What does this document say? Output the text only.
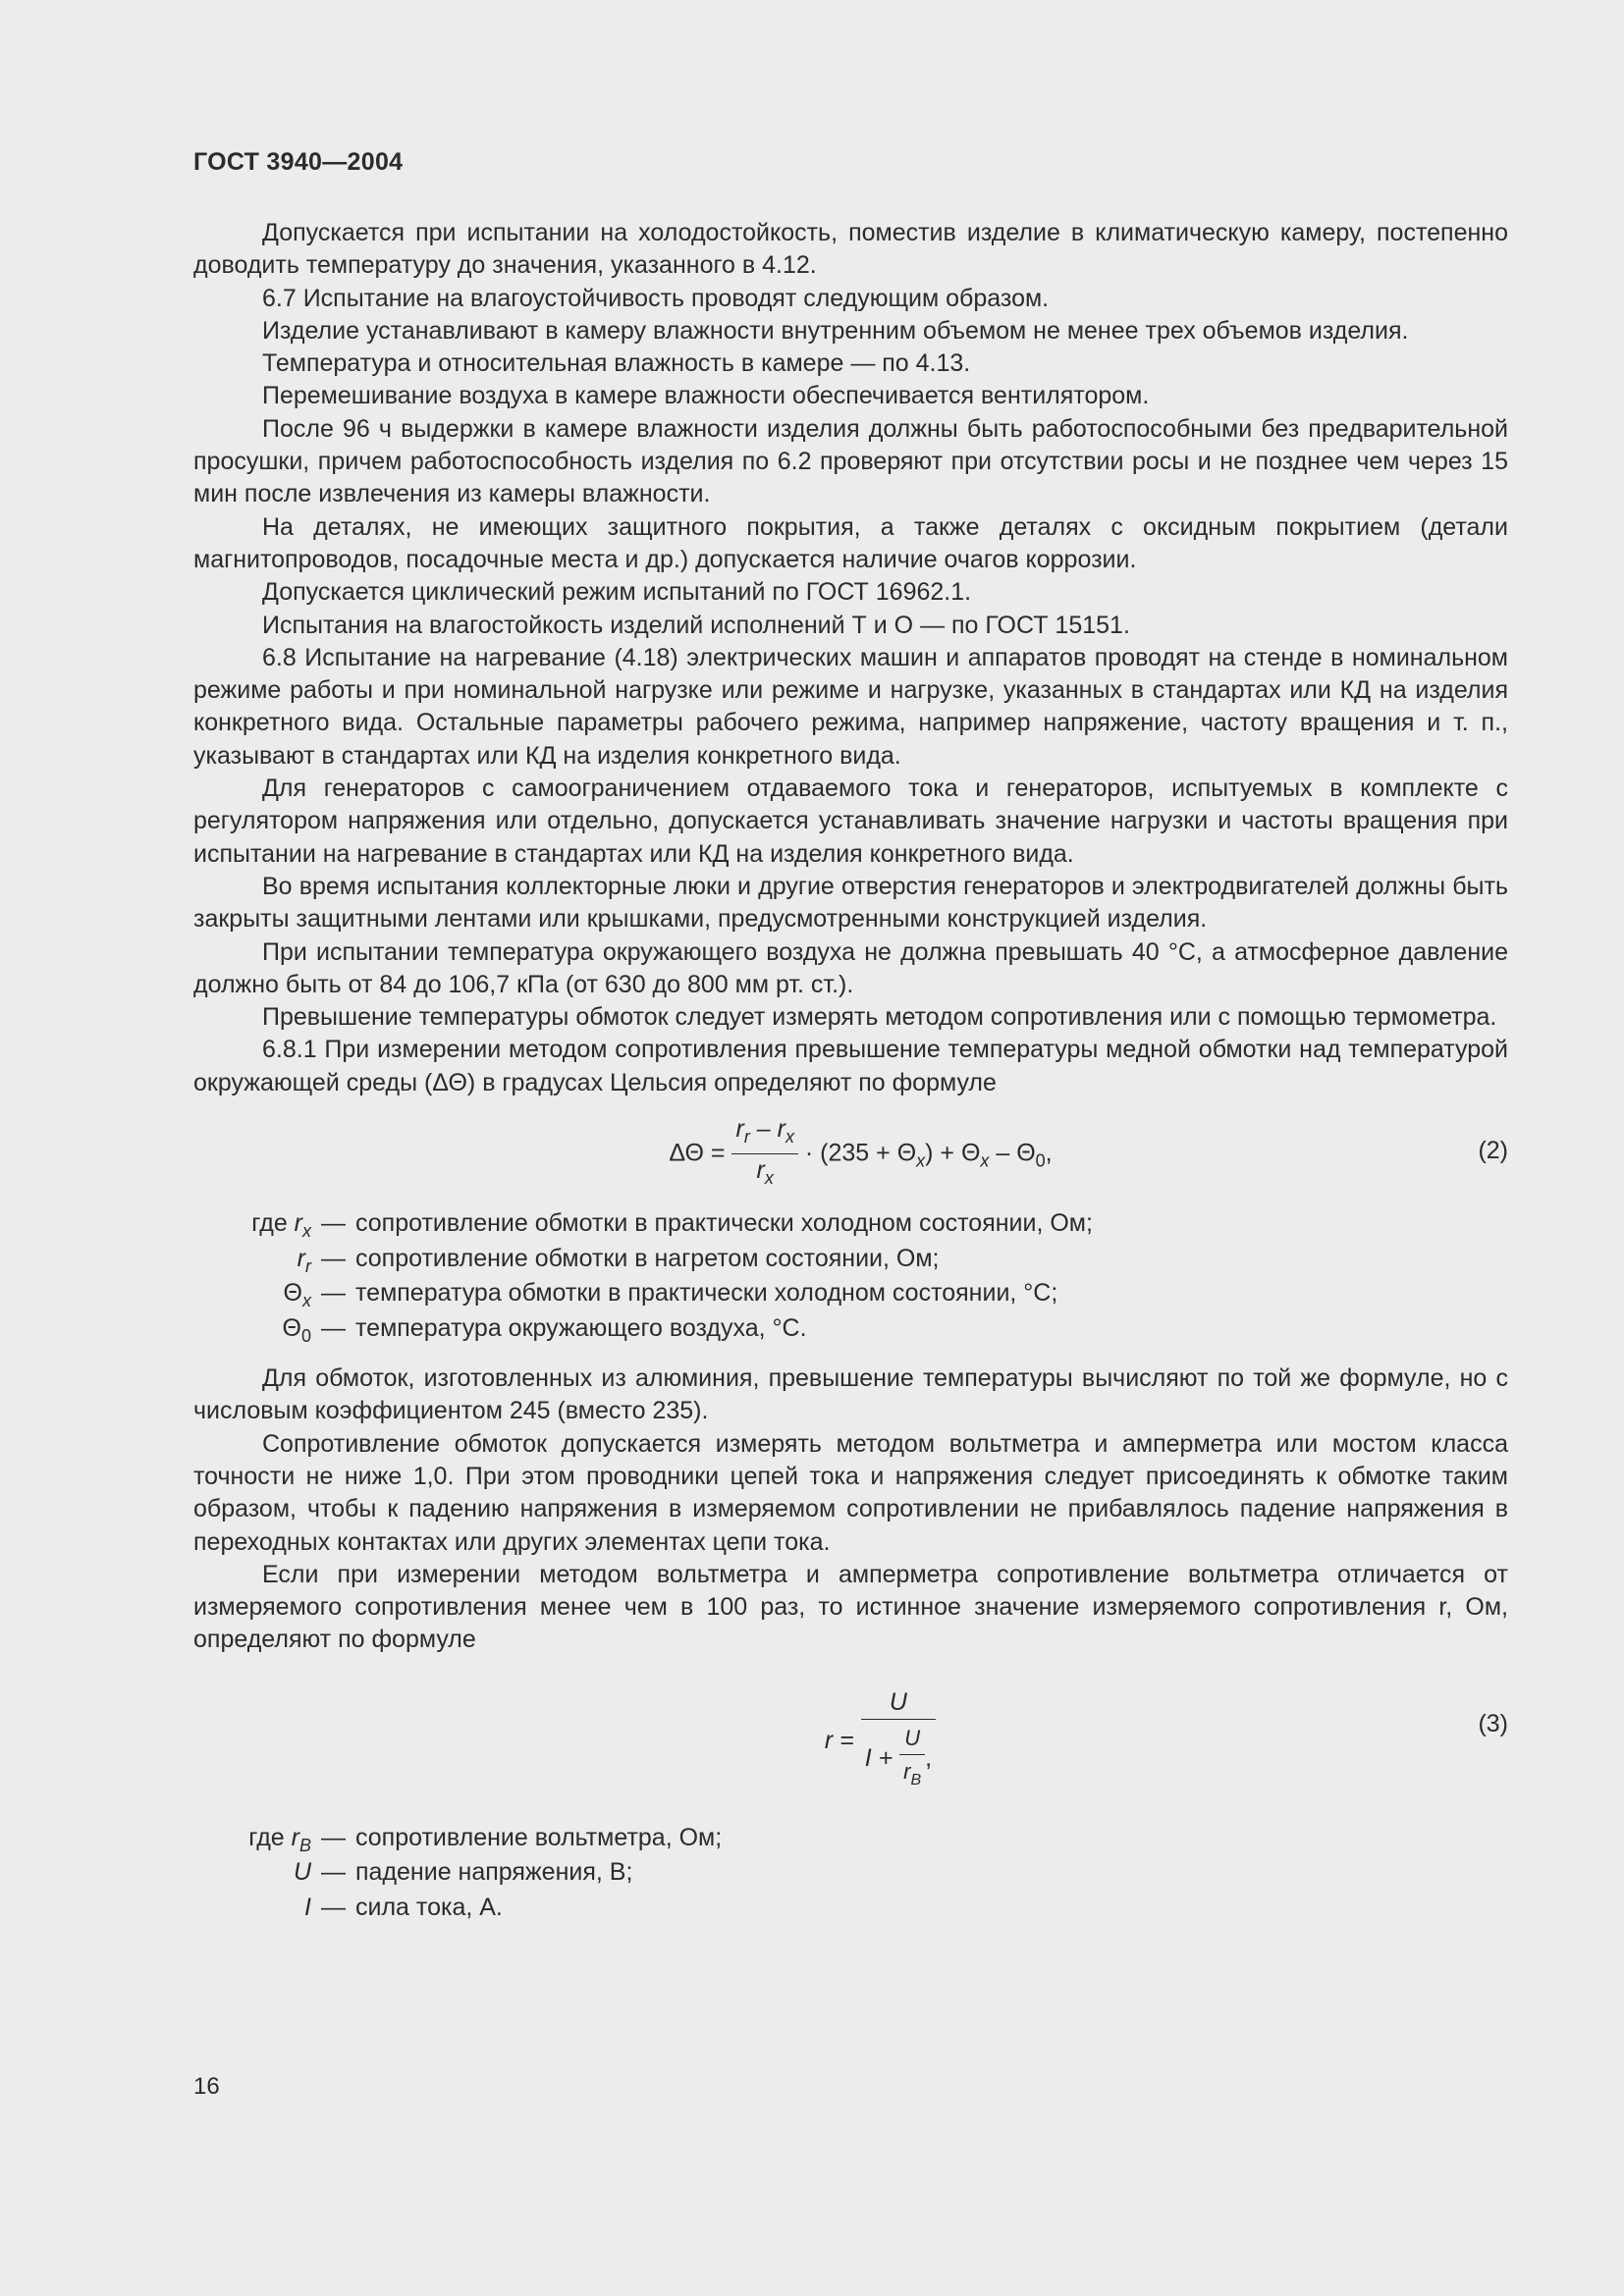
ГОСТ 3940—2004

Допускается при испытании на холодостойкость, поместив изделие в климатическую камеру, постепенно доводить температуру до значения, указанного в 4.12.

6.7 Испытание на влагоустойчивость проводят следующим образом.

Изделие устанавливают в камеру влажности внутренним объемом не менее трех объемов изделия.

Температура и относительная влажность в камере — по 4.13.

Перемешивание воздуха в камере влажности обеспечивается вентилятором.

После 96 ч выдержки в камере влажности изделия должны быть работоспособными без предварительной просушки, причем работоспособность изделия по 6.2 проверяют при отсутствии росы и не позднее чем через 15 мин после извлечения из камеры влажности.

На деталях, не имеющих защитного покрытия, а также деталях с оксидным покрытием (детали магнитопроводов, посадочные места и др.) допускается наличие очагов коррозии.

Допускается циклический режим испытаний по ГОСТ 16962.1.

Испытания на влагостойкость изделий исполнений Т и О — по ГОСТ 15151.

6.8 Испытание на нагревание (4.18) электрических машин и аппаратов проводят на стенде в номинальном режиме работы и при номинальной нагрузке или режиме и нагрузке, указанных в стандартах или КД на изделия конкретного вида. Остальные параметры рабочего режима, например напряжение, частоту вращения и т. п., указывают в стандартах или КД на изделия конкретного вида.

Для генераторов с самоограничением отдаваемого тока и генераторов, испытуемых в комплекте с регулятором напряжения или отдельно, допускается устанавливать значение нагрузки и частоты вращения при испытании на нагревание в стандартах или КД на изделия конкретного вида.

Во время испытания коллекторные люки и другие отверстия генераторов и электродвигателей должны быть закрыты защитными лентами или крышками, предусмотренными конструкцией изделия.

При испытании температура окружающего воздуха не должна превышать 40 °С, а атмосферное давление должно быть от 84 до 106,7 кПа (от 630 до 800 мм рт. ст.).

Превышение температуры обмоток следует измерять методом сопротивления или с помощью термометра.

6.8.1 При измерении методом сопротивления превышение температуры медной обмотки над температурой окружающей среды (ΔΘ) в градусах Цельсия определяют по формуле

$\Delta\Theta = \frac{r_r - r_x}{r_x} \cdot (235 + \Theta_x) + \Theta_x - \Theta_0$,	(2)
где $r_x$ — сопротивление обмотки в практически холодном состоянии, Ом;
$r_r$ — сопротивление обмотки в нагретом состоянии, Ом;
$\Theta_x$ — температура обмотки в практически холодном состоянии, °С;
$\Theta_0$ — температура окружающего воздуха, °С.

Для обмоток, изготовленных из алюминия, превышение температуры вычисляют по той же формуле, но с числовым коэффициентом 245 (вместо 235).

Сопротивление обмоток допускается измерять методом вольтметра и амперметра или мостом класса точности не ниже 1,0. При этом проводники цепей тока и напряжения следует присоединять к обмотке таким образом, чтобы к падению напряжения в измеряемом сопротивлении не прибавлялось падение напряжения в переходных контактах или других элементах цепи тока.

Если при измерении методом вольтметра и амперметра сопротивление вольтметра отличается от измеряемого сопротивления менее чем в 100 раз, то истинное значение измеряемого сопротивления r, Ом, определяют по формуле

r =
U
$I + \frac{U}{r_B}$ ,
(3)
где $r_B$ — сопротивление вольтметра, Ом;
U — падение напряжения, В;
I — сила тока, А.
16
